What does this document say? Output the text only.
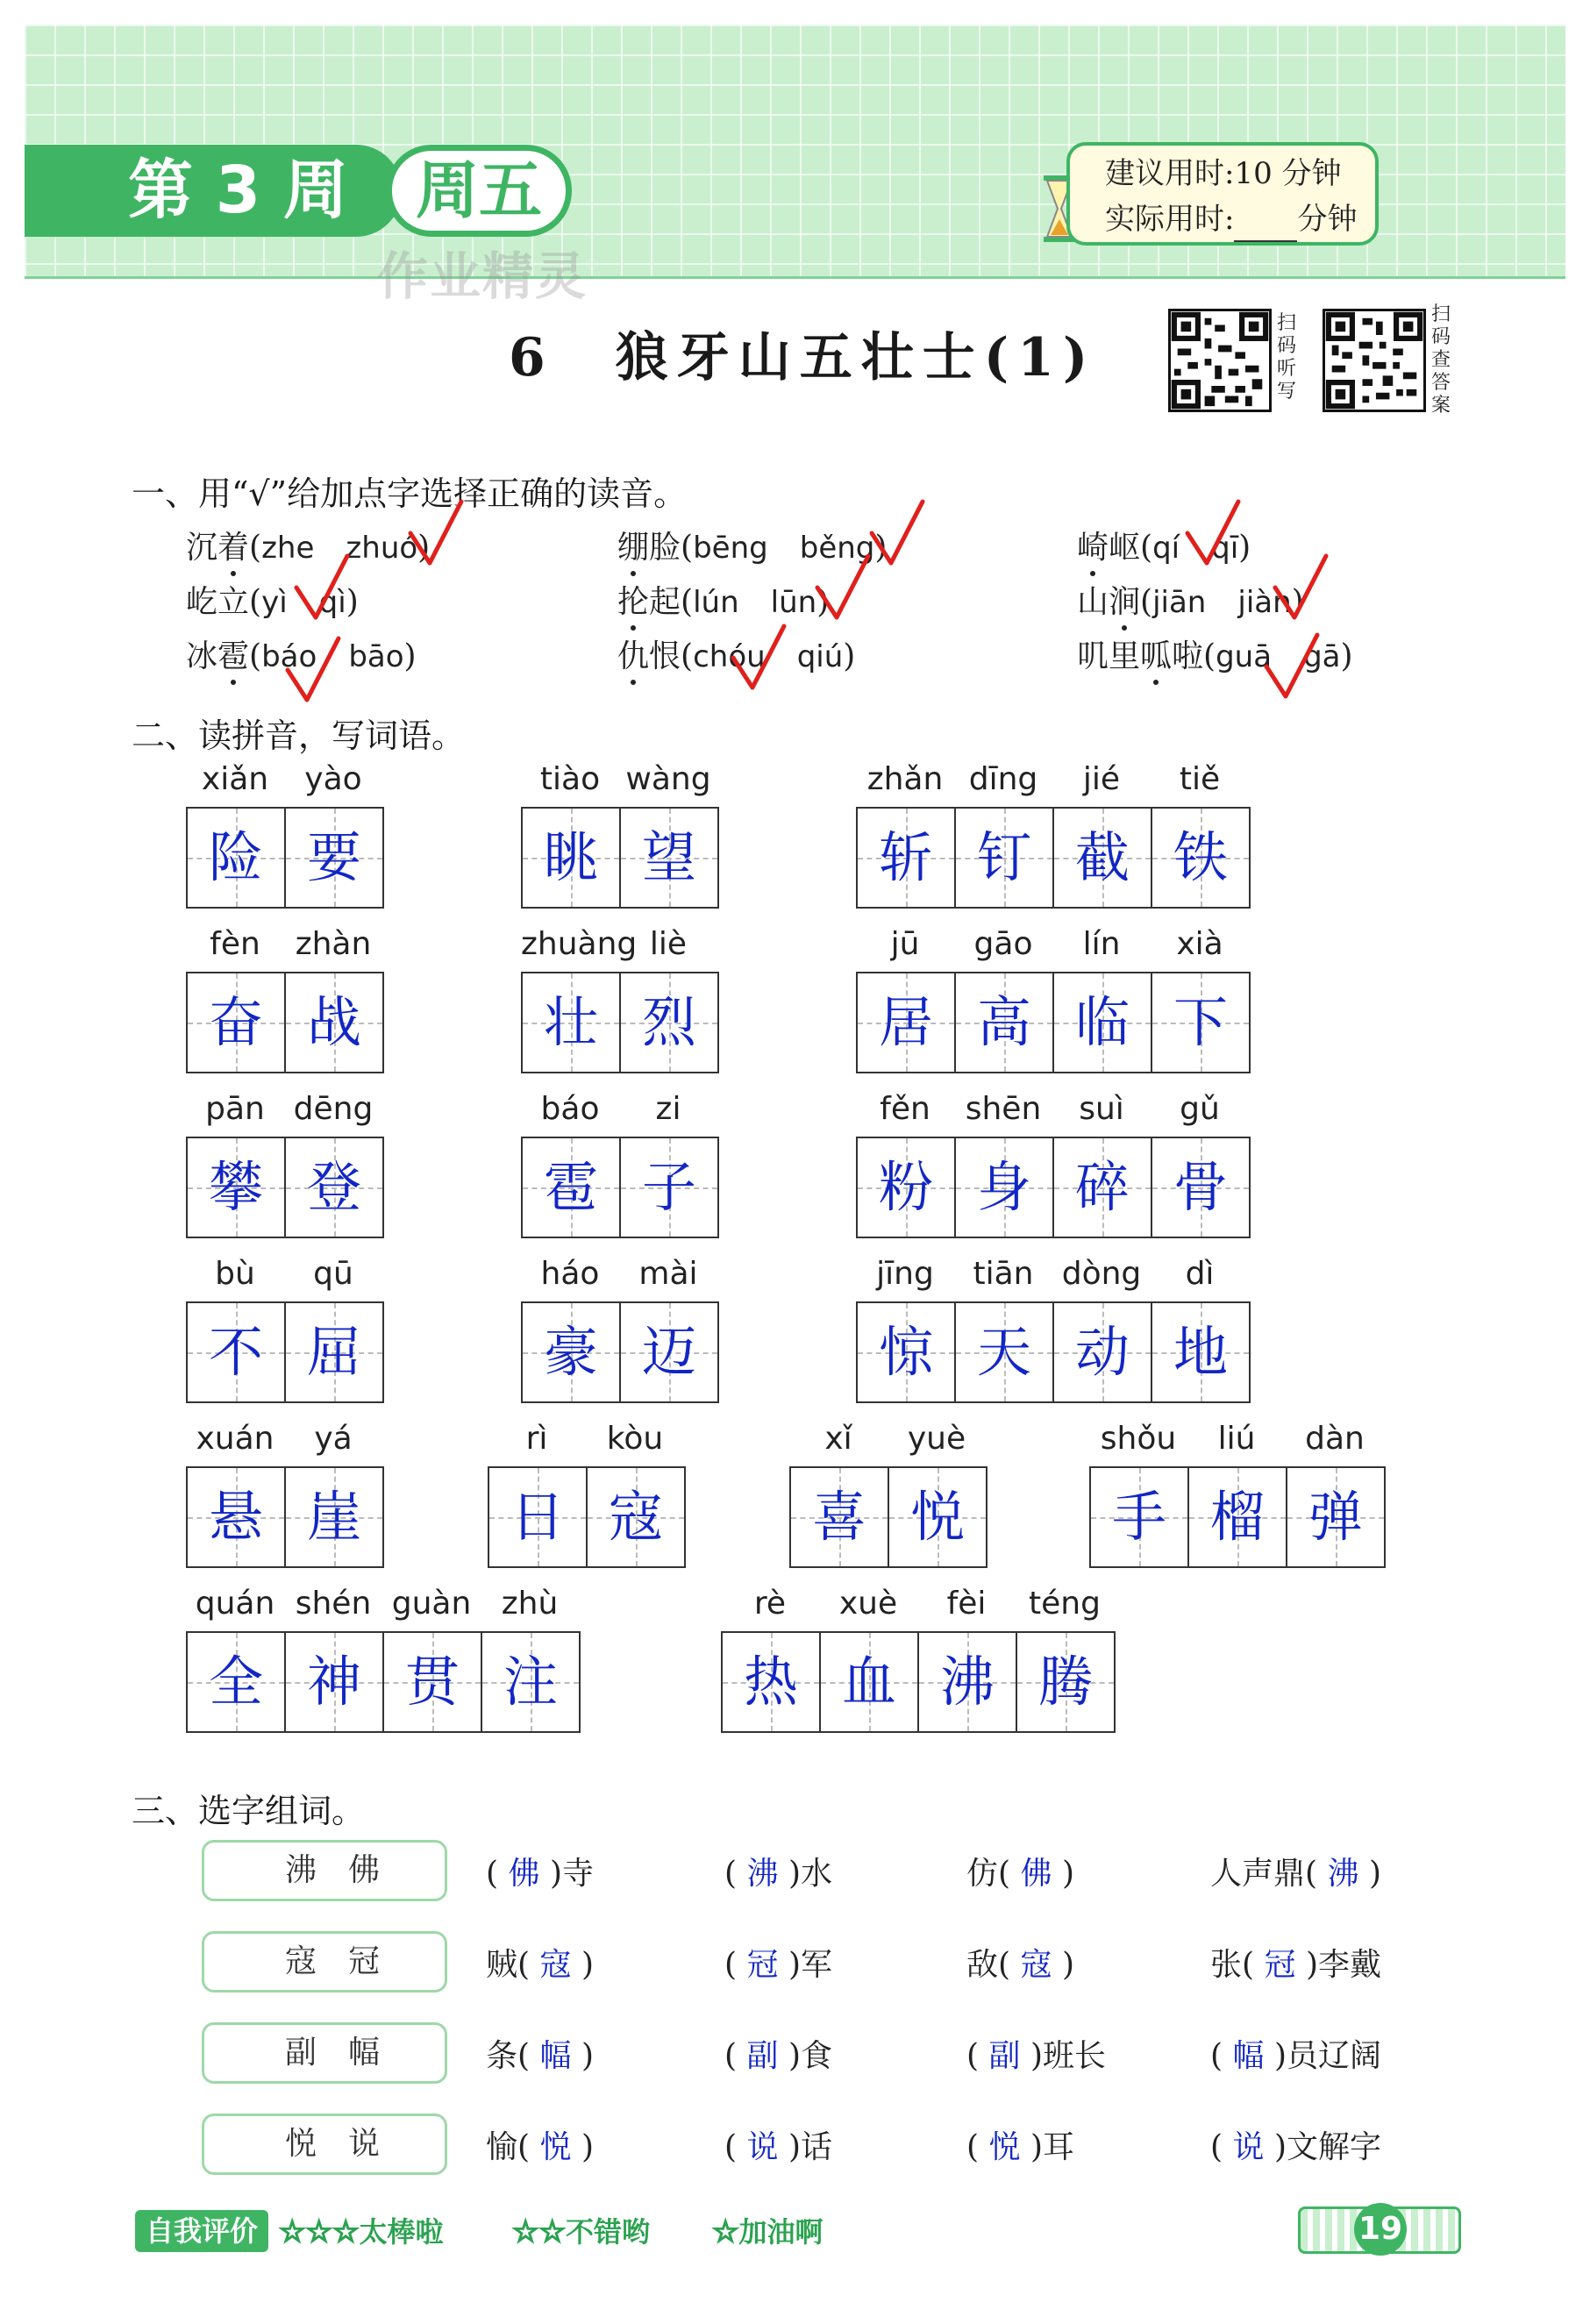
第 3 周	周五
作业精灵
建议用时:10 分钟
实际用时: 分钟
6　狼牙山五壮士(1)
扫码听写
扫码查答案
一、用“√”给加点字选择正确的读音。
沉着(zhe　 zhuó)	绷脸(bēng　 běng)	崎岖(qí　 qī)
屹立(yì　 qì)	抡起(lún　 lūn)	山涧(jiān　 jiàn)
冰雹(báo　 bāo)	仇恨(chóu　 qiú)	叽里呱啦(guā　 gā)
二、读拼音，写词语。
xiǎn	yào
险 要
tiào wàng
眺 望
zhǎn dīng	jié	tiě
斩 钉 截 铁
fèn	zhàn
奋 战
zhuàng liè
壮 烈
jū	gāo	lín	xià
居 高 临 下
pān dēng
攀 登
báo	zi
雹 子
fěn	shēn	suì	gǔ
粉 身 碎 骨
bù	qū
不 屈
háo	mài
豪 迈
jīng	tiān dòng	dì
惊 天 动 地
xuán	yá
悬 崖
rì	kòu
日 寇
xǐ	yuè
喜 悦
shǒu	liú	dàn
手 榴 弹
quán shén guàn zhù
全 神 贯 注
rè	xuè	fèi	téng
热 血 沸 腾
三、选字组词。
沸　佛	( 佛 )寺	( 沸 )水	仿( 佛 )	人声鼎( 沸 )
寇　冠	贼( 寇 )	( 冠 )军	敌( 寇 )	张( 冠 )李戴
副　幅	条( 幅 )	( 副 )食	( 副 )班长	( 幅 )员辽阔
悦　说	愉( 悦 )	( 说 )话	( 悦 )耳	( 说 )文解字
自我评价 ☆☆☆太棒啦 ☆☆不错哟 ☆加油啊	19
